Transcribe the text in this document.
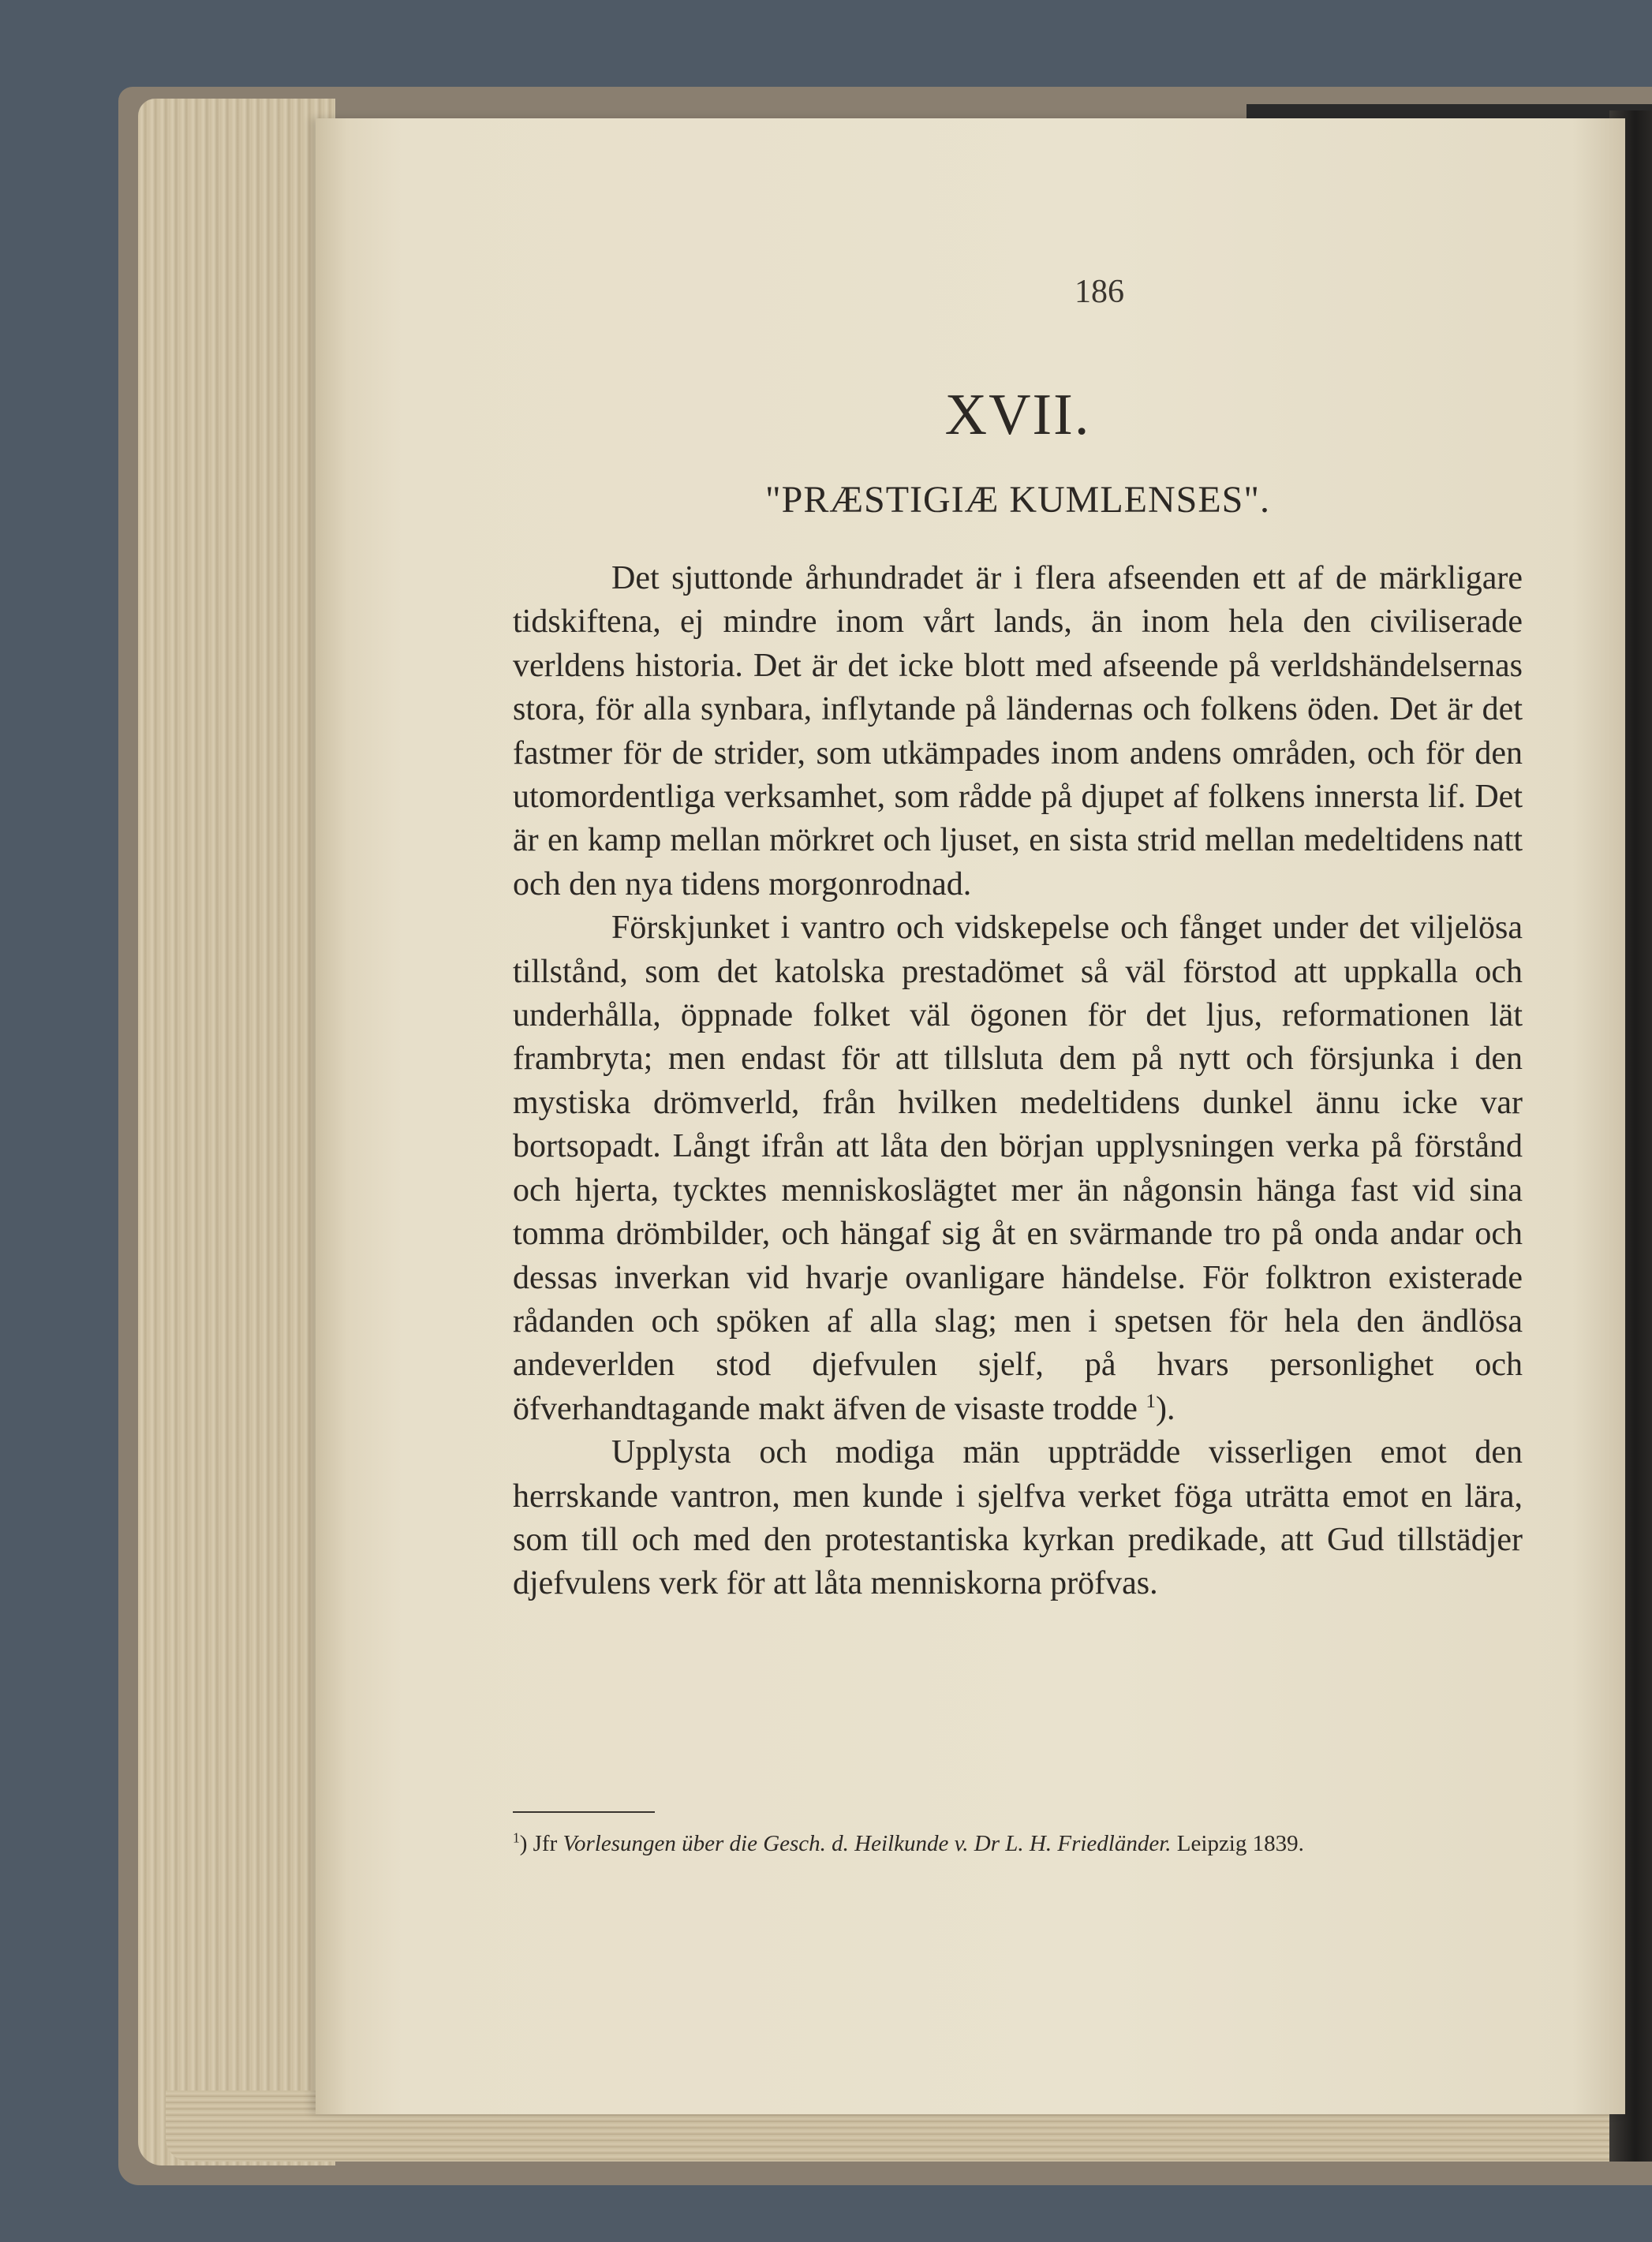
186

XVII.
"PRÆSTIGIÆ KUMLENSES".

Det sjuttonde århundradet är i flera afseenden ett af de märkligare tidskiftena, ej mindre inom vårt lands, än inom hela den civiliserade verldens historia. Det är det icke blott med afseende på verldshändelsernas stora, för alla synbara, inflytande på ländernas och folkens öden. Det är det fastmer för de strider, som utkämpades inom andens områden, och för den utomordentliga verksamhet, som rådde på djupet af folkens innersta lif. Det är en kamp mellan mörkret och ljuset, en sista strid mellan medeltidens natt och den nya tidens morgonrodnad.

Förskjunket i vantro och vidskepelse och fånget under det viljelösa tillstånd, som det katolska prestadömet så väl förstod att uppkalla och underhålla, öppnade folket väl ögonen för det ljus, reformationen lät frambryta; men endast för att tillsluta dem på nytt och försjunka i den mystiska drömverld, från hvilken medeltidens dunkel ännu icke var bortsopadt. Långt ifrån att låta den början upplysningen verka på förstånd och hjerta, tycktes menniskoslägtet mer än någonsin hänga fast vid sina tomma drömbilder, och hängaf sig åt en svärmande tro på onda andar och dessas inverkan vid hvarje ovanligare händelse. För folktron existerade rådanden och spöken af alla slag; men i spetsen för hela den ändlösa andeverlden stod djefvulen sjelf, på hvars personlighet och öfverhandtagande makt äfven de visaste trodde $^1$).

Upplysta och modiga män uppträdde visserligen emot den herrskande vantron, men kunde i sjelfva verket föga uträtta emot en lära, som till och med den protestantiska kyrkan predikade, att Gud tillstädjer djefvulens verk för att låta menniskorna pröfvas.

$^1$) Jfr Vorlesungen über die Gesch. d. Heilkunde v. Dr L. H. Friedländer. Leipzig 1839.
